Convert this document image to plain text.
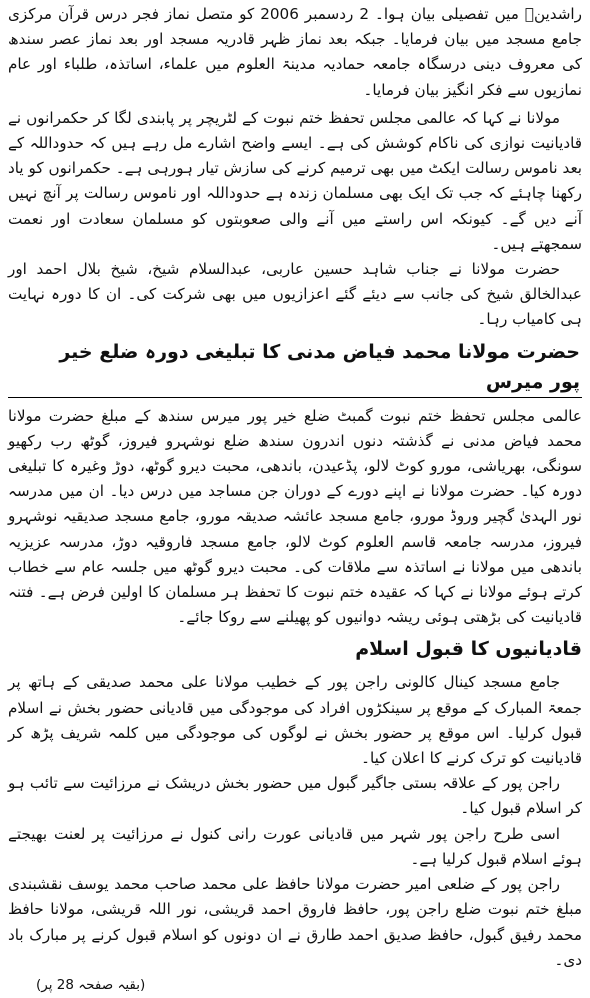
راشدینؒ میں تفصیلی بیان ہوا۔ 2 ردسمبر 2006 کو متصل نماز فجر درس قرآن مرکزی جامع مسجد میں بیان فرمایا۔ جبکہ بعد نماز ظہر قادریہ مسجد اور بعد نماز عصر سندھ کی معروف دینی درسگاہ جامعہ حمادیہ مدینۃ العلوم میں علماء، اساتذہ، طلباء اور عام نمازیوں سے فکر انگیز بیان فرمایا۔

مولانا نے کہا کہ عالمی مجلس تحفظ ختم نبوت کے لٹریچر پر پابندی لگا کر حکمرانوں نے قادیانیت نوازی کی ناکام کوشش کی ہے۔ ایسے واضح اشارے مل رہے ہیں کہ حدوداللہ کے بعد ناموس رسالت ایکٹ میں بھی ترمیم کرنے کی سازش تیار ہورہی ہے۔ حکمرانوں کو یاد رکھنا چاہئے کہ جب تک ایک بھی مسلمان زندہ ہے حدوداللہ اور ناموس رسالت پر آنچ نہیں آنے دیں گے۔ کیونکہ اس راستے میں آنے والی صعوبتوں کو مسلمان سعادت اور نعمت سمجھتے ہیں۔

حضرت مولانا نے جناب شاہد حسین عاربی، عبدالسلام شیخ، شیخ بلال احمد اور عبدالخالق شیخ کی جانب سے دیئے گئے اعزازیوں میں بھی شرکت کی۔ ان کا دورہ نہایت ہی کامیاب رہا۔

حضرت مولانا محمد فیاض مدنی کا تبلیغی دورہ ضلع خیر پور میرس

عالمی مجلس تحفظ ختم نبوت گمبٹ ضلع خیر پور میرس سندھ کے مبلغ حضرت مولانا محمد فیاض مدنی نے گذشتہ دنوں اندرون سندھ ضلع نوشہرو فیروز، گوٹھ رب رکھیو سونگی، بھریاشی، مورو کوٹ لالو، پڈعیدن، باندھی، محبت دیرو گوٹھ، دوڑ وغیرہ کا تبلیغی دورہ کیا۔ حضرت مولانا نے اپنے دورے کے دوران جن مساجد میں درس دیا۔ ان میں مدرسہ نور الہدیٰ گچیر وروڈ مورو، جامع مسجد عائشہ صدیقہ مورو، جامع مسجد صدیقیہ نوشہرو فیروز، مدرسہ جامعہ قاسم العلوم کوٹ لالو، جامع مسجد فاروقیہ دوڑ، مدرسہ عزیزیہ باندھی میں مولانا نے اساتذہ سے ملاقات کی۔ محبت دیرو گوٹھ میں جلسہ عام سے خطاب کرتے ہوئے مولانا نے کہا کہ عقیدہ ختم نبوت کا تحفظ ہر مسلمان کا اولین فرض ہے۔ فتنہ قادیانیت کی بڑھتی ہوئی ریشہ دوانیوں کو پھیلنے سے روکا جائے۔

قادیانیوں کا قبول اسلام

جامع مسجد کینال کالونی راجن پور کے خطیب مولانا علی محمد صدیقی کے ہاتھ پر جمعۃ المبارک کے موقع پر سینکڑوں افراد کی موجودگی میں قادیانی حضور بخش نے اسلام قبول کرلیا۔ اس موقع پر حضور بخش نے لوگوں کی موجودگی میں کلمہ شریف پڑھ کر قادیانیت کو ترک کرنے کا اعلان کیا۔

راجن پور کے علاقہ بستی جاگیر گبول میں حضور بخش دریشک نے مرزائیت سے تائب ہو کر اسلام قبول کیا۔

اسی طرح راجن پور شہر میں قادیانی عورت رانی کنول نے مرزائیت پر لعنت بھیجتے ہوئے اسلام قبول کرلیا ہے۔

راجن پور کے ضلعی امیر حضرت مولانا حافظ علی محمد صاحب محمد یوسف نقشبندی مبلغ ختم نبوت ضلع راجن پور، حافظ فاروق احمد قریشی، نور اللہ قریشی، مولانا حافظ محمد رفیق گبول، حافظ صدیق احمد طارق نے ان دونوں کو اسلام قبول کرنے پر مبارک باد دی۔

(بقیہ صفحہ 28 پر)
